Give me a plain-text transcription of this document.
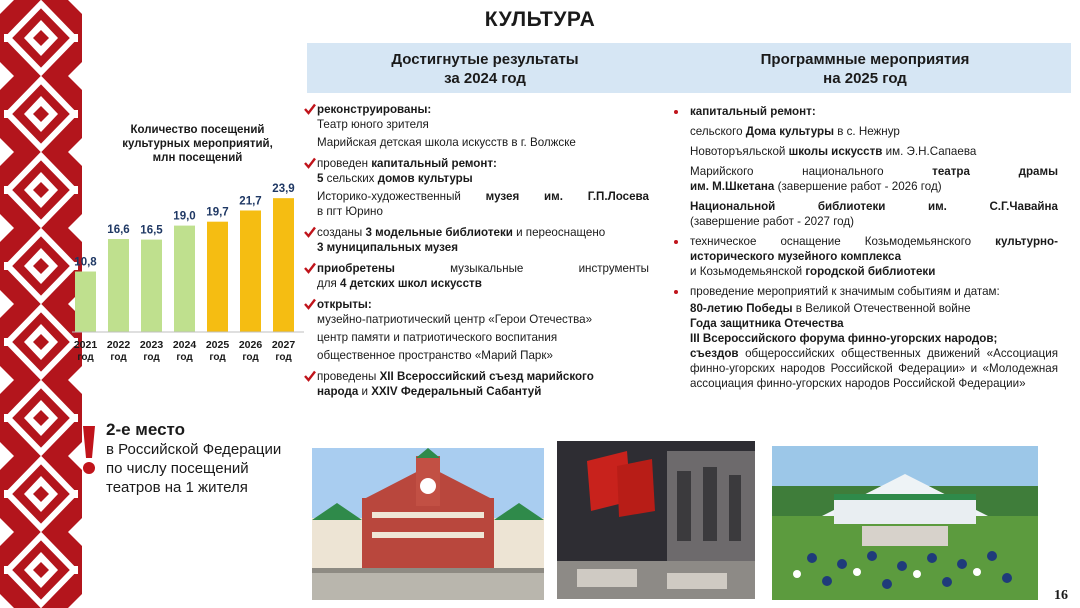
КУЛЬТУРА
Достигнутые результаты
за 2024 год
Программные мероприятия
на 2025 год
Количество посещений
культурных мероприятий,
млн посещений
10,8
2021
год
16,6
2022
год
16,5
2023
год
19,0
2024
год
19,7
2025
год
21,7
2026
год
23,9
2027
год
2-е место
в Российской Федерации
по числу посещений
театров на 1 жителя
реконструированы:
Театр юного зрителя
Марийская детская школа искусств в г. Волжске
проведен капитальный ремонт:
5 сельских домов культуры
Историко-художественный музея им. Г.П.Лосева
в пгт Юрино
созданы 3 модельные библиотеки и переоснащено
3 муниципальных музея
приобретены	музыкальные	инструменты
для 4 детских школ искусств
открыты:
музейно-патриотический центр «Герои Отечества»
центр памяти и патриотического воспитания
общественное пространство «Марий Парк»
проведены XII Всероссийский съезд марийского
народа и XXIV Федеральный Сабантуй
капитальный ремонт:
сельского Дома культуры в с. Нежнур
Новоторъяльской школы искусств им. Э.Н.Сапаева
Марийского	национального	театра драмы
им. М.Шкетана (завершение работ - 2026 год)
Национальной	библиотеки	им. С.Г.Чавайна
(завершение работ - 2027 год)
техническое оснащение Козьмодемьянского культурно-исторического музейного комплекса
и Козьмодемьянской городской библиотеки
проведение мероприятий к значимым событиям и датам:
80-летию Победы в Великой Отечественной войне
Года защитника Отечества
III Всероссийского форума финно-угорских народов;
съездов общероссийских общественных движений «Ассоциация финно-угорских народов Российской Федерации» и «Молодежная ассоциация финно-угорских народов Российской Федерации»
16
